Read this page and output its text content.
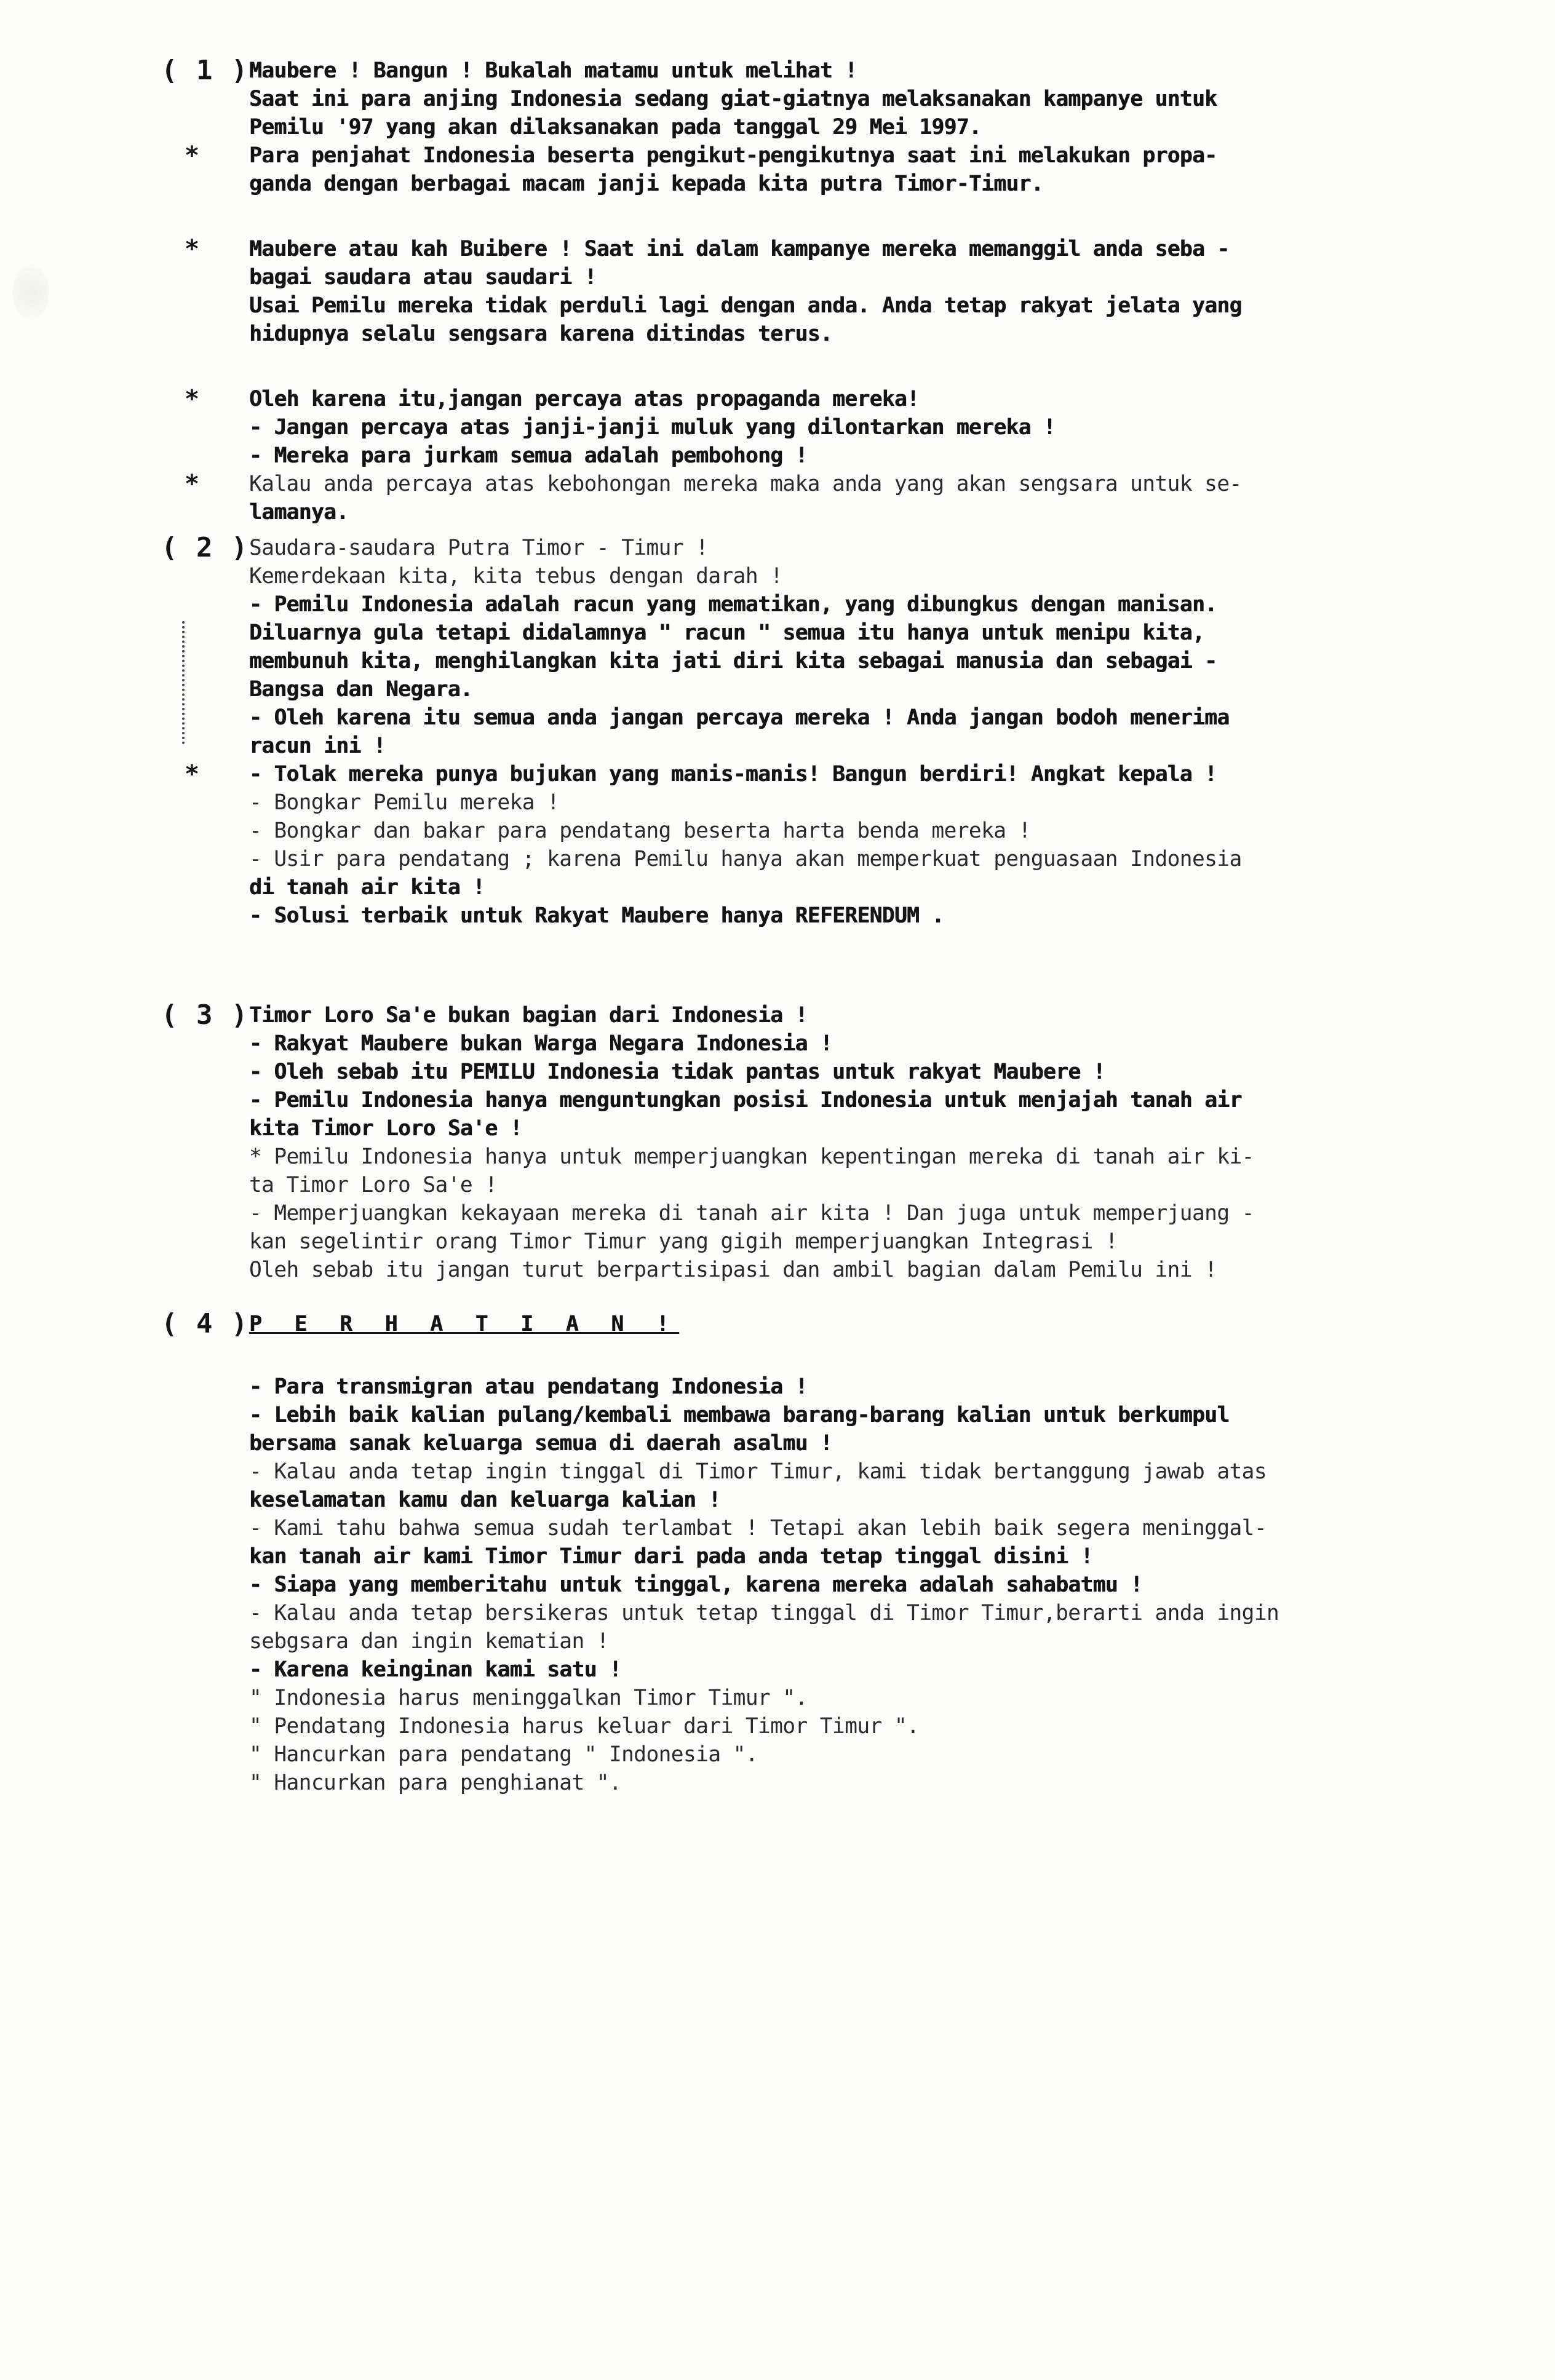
( 1 ) Maubere ! Bangun ! Bukalah matamu untuk melihat !
Saat ini para anjing Indonesia sedang giat-giatnya melaksanakan kampanye untuk
Pemilu '97 yang akan dilaksanakan pada tanggal 29 Mei 1997.
Para penjahat Indonesia beserta pengikut-pengikutnya saat ini melakukan propa-
*
ganda dengan berbagai macam janji kepada kita putra Timor-Timur.
Maubere atau kah Buibere ! Saat ini dalam kampanye mereka memanggil anda seba -
*
bagai saudara atau saudari !
Usai Pemilu mereka tidak perduli lagi dengan anda. Anda tetap rakyat jelata yang
hidupnya selalu sengsara karena ditindas terus.
Oleh karena itu,jangan percaya atas propaganda mereka!
*
- Jangan percaya atas janji-janji muluk yang dilontarkan mereka !
- Mereka para jurkam semua adalah pembohong !
Kalau anda percaya atas kebohongan mereka maka anda yang akan sengsara untuk se-
*
lamanya.
( 2 ) Saudara-saudara Putra Timor - Timur !
Kemerdekaan kita, kita tebus dengan darah !
- Pemilu Indonesia adalah racun yang mematikan, yang dibungkus dengan manisan.
Diluarnya gula tetapi didalamnya " racun " semua itu hanya untuk menipu kita,
membunuh kita, menghilangkan kita jati diri kita sebagai manusia dan sebagai -
Bangsa dan Negara.
- Oleh karena itu semua anda jangan percaya mereka ! Anda jangan bodoh menerima
racun ini !
- Tolak mereka punya bujukan yang manis-manis! Bangun berdiri! Angkat kepala !
*
- Bongkar Pemilu mereka !
- Bongkar dan bakar para pendatang beserta harta benda mereka !
- Usir para pendatang ; karena Pemilu hanya akan memperkuat penguasaan Indonesia
di tanah air kita !
- Solusi terbaik untuk Rakyat Maubere hanya REFERENDUM .
( 3 ) Timor Loro Sa'e bukan bagian dari Indonesia !
- Rakyat Maubere bukan Warga Negara Indonesia !
- Oleh sebab itu PEMILU Indonesia tidak pantas untuk rakyat Maubere !
- Pemilu Indonesia hanya menguntungkan posisi Indonesia untuk menjajah tanah air
kita Timor Loro Sa'e !
* Pemilu Indonesia hanya untuk memperjuangkan kepentingan mereka di tanah air ki-
ta Timor Loro Sa'e !
- Memperjuangkan kekayaan mereka di tanah air kita ! Dan juga untuk memperjuang -
kan segelintir orang Timor Timur yang gigih memperjuangkan Integrasi !
Oleh sebab itu jangan turut berpartisipasi dan ambil bagian dalam Pemilu ini !
( 4 ) P E R H A T I A N !
- Para transmigran atau pendatang Indonesia !
- Lebih baik kalian pulang/kembali membawa barang-barang kalian untuk berkumpul
bersama sanak keluarga semua di daerah asalmu !
- Kalau anda tetap ingin tinggal di Timor Timur, kami tidak bertanggung jawab atas
keselamatan kamu dan keluarga kalian !
- Kami tahu bahwa semua sudah terlambat ! Tetapi akan lebih baik segera meninggal-
kan tanah air kami Timor Timur dari pada anda tetap tinggal disini !
- Siapa yang memberitahu untuk tinggal, karena mereka adalah sahabatmu !
- Kalau anda tetap bersikeras untuk tetap tinggal di Timor Timur,berarti anda ingin
sebgsara dan ingin kematian !
- Karena keinginan kami satu !
" Indonesia harus meninggalkan Timor Timur ".
" Pendatang Indonesia harus keluar dari Timor Timur ".
" Hancurkan para pendatang " Indonesia ".
" Hancurkan para penghianat ".
